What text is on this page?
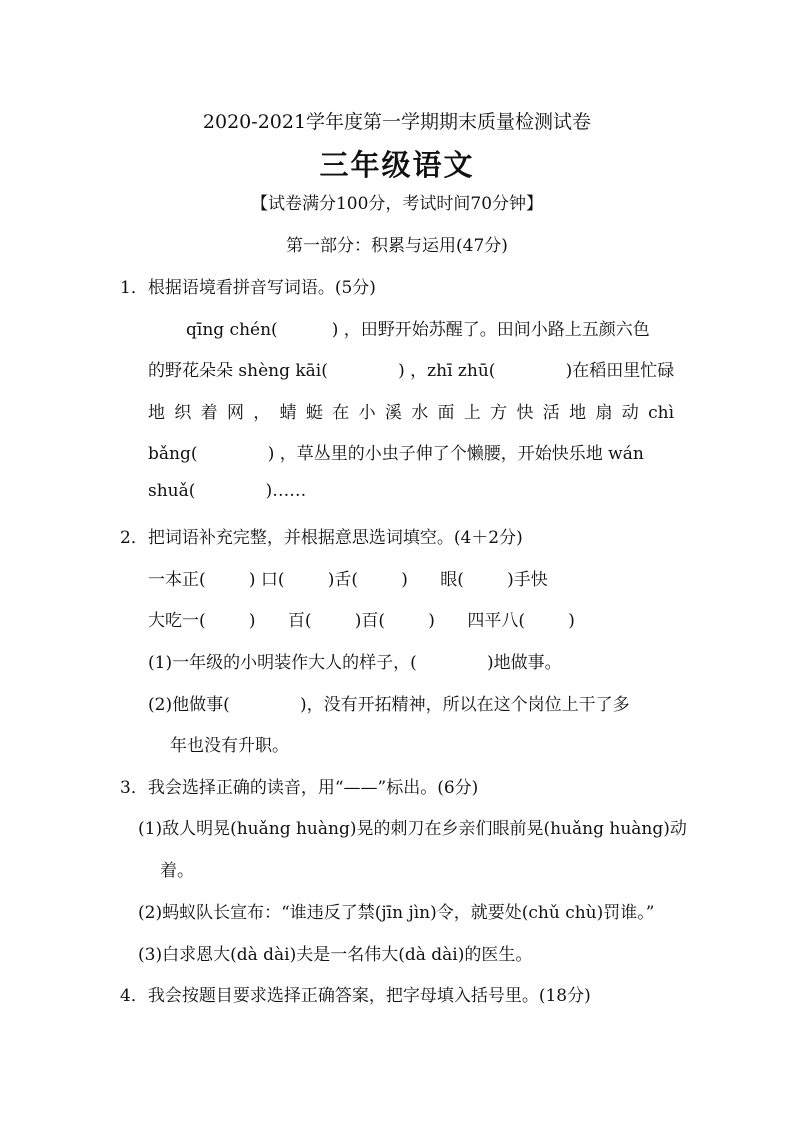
2020-2021学年度第一学期期末质量检测试卷
三年级语文
【试卷满分100分，考试时间70分钟】
第一部分：积累与运用(47分)
1．根据语境看拼音写词语。(5分)
qīng chén(          ) ，田野开始苏醒了。田间小路上五颜六色
的野花朵朵 shèng kāi(             ) ，zhī zhū(             )在稻田里忙碌
地 织 着 网 ， 蜻 蜓 在 小 溪 水 面 上 方 快 活 地 扇 动 chì
bǎng(             ) ，草丛里的小虫子伸了个懒腰，开始快乐地 wán
shuǎ(             )……
2．把词语补充完整，并根据意思选词填空。(4＋2分)
一本正(        ) 口(        )舌(        )      眼(        )手快
大吃一(        )      百(        )百(        )      四平八(        )
(1)一年级的小明装作大人的样子，(             )地做事。
(2)他做事(             )，没有开拓精神，所以在这个岗位上干了多
年也没有升职。
3．我会选择正确的读音，用“——”标出。(6分)
(1)敌人明晃(huǎng huàng)晃的刺刀在乡亲们眼前晃(huǎng huàng)动
着。
(2)蚂蚁队长宣布：“谁违反了禁(jīn jìn)令，就要处(chǔ chù)罚谁。”
(3)白求恩大(dà dài)夫是一名伟大(dà dài)的医生。
4．我会按题目要求选择正确答案，把字母填入括号里。(18分)
